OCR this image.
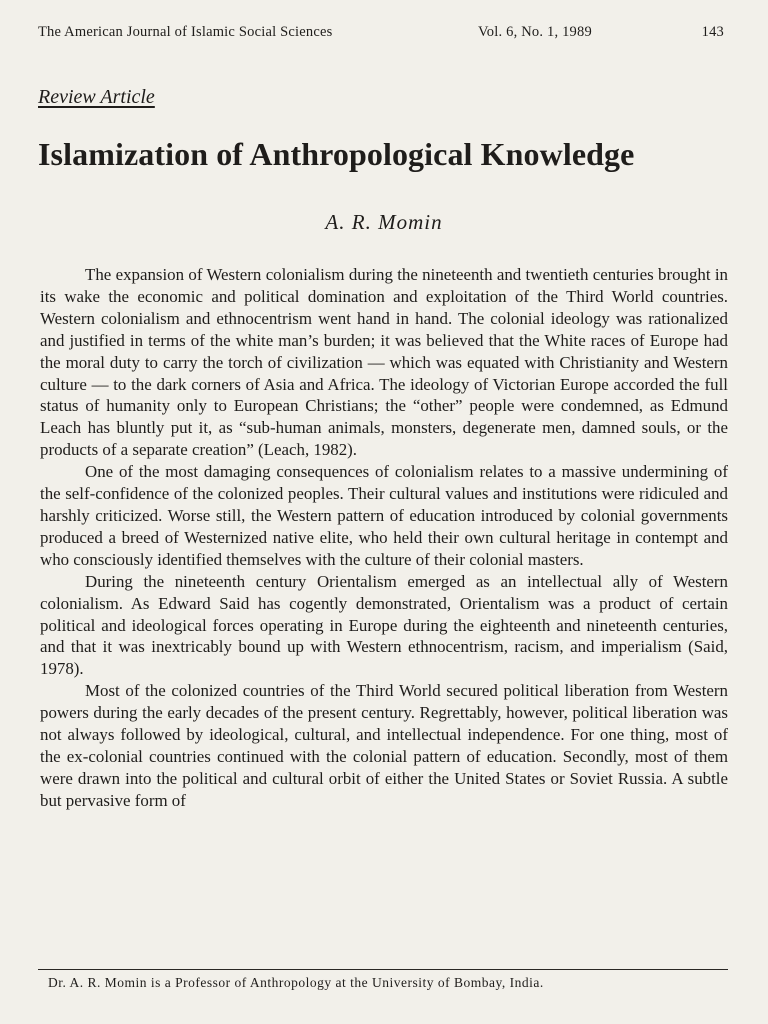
The American Journal of Islamic Social Sciences	Vol. 6, No. 1, 1989	143
Review Article
Islamization of Anthropological Knowledge
A. R. Momin

The expansion of Western colonialism during the nineteenth and twentieth centuries brought in its wake the economic and political domination and exploitation of the Third World countries. Western colonialism and ethnocentrism went hand in hand. The colonial ideology was rationalized and justified in terms of the white man’s burden; it was believed that the White races of Europe had the moral duty to carry the torch of civilization — which was equated with Christianity and Western culture — to the dark corners of Asia and Africa. The ideology of Victorian Europe accorded the full status of humanity only to European Christians; the “other” people were condemned, as Edmund Leach has bluntly put it, as “sub-human animals, monsters, degenerate men, damned souls, or the products of a separate creation” (Leach, 1982).

One of the most damaging consequences of colonialism relates to a massive undermining of the self-confidence of the colonized peoples. Their cultural values and institutions were ridiculed and harshly criticized. Worse still, the Western pattern of education introduced by colonial governments produced a breed of Westernized native elite, who held their own cultural heritage in contempt and who consciously identified themselves with the culture of their colonial masters.

During the nineteenth century Orientalism emerged as an intellectual ally of Western colonialism. As Edward Said has cogently demonstrated, Orientalism was a product of certain political and ideological forces operating in Europe during the eighteenth and nineteenth centuries, and that it was inextricably bound up with Western ethnocentrism, racism, and imperialism (Said, 1978).

Most of the colonized countries of the Third World secured political liberation from Western powers during the early decades of the present century. Regrettably, however, political liberation was not always followed by ideological, cultural, and intellectual independence. For one thing, most of the ex-colonial countries continued with the colonial pattern of education. Secondly, most of them were drawn into the political and cultural orbit of either the United States or Soviet Russia. A subtle but pervasive form of

Dr. A. R. Momin is a Professor of Anthropology at the University of Bombay, India.
